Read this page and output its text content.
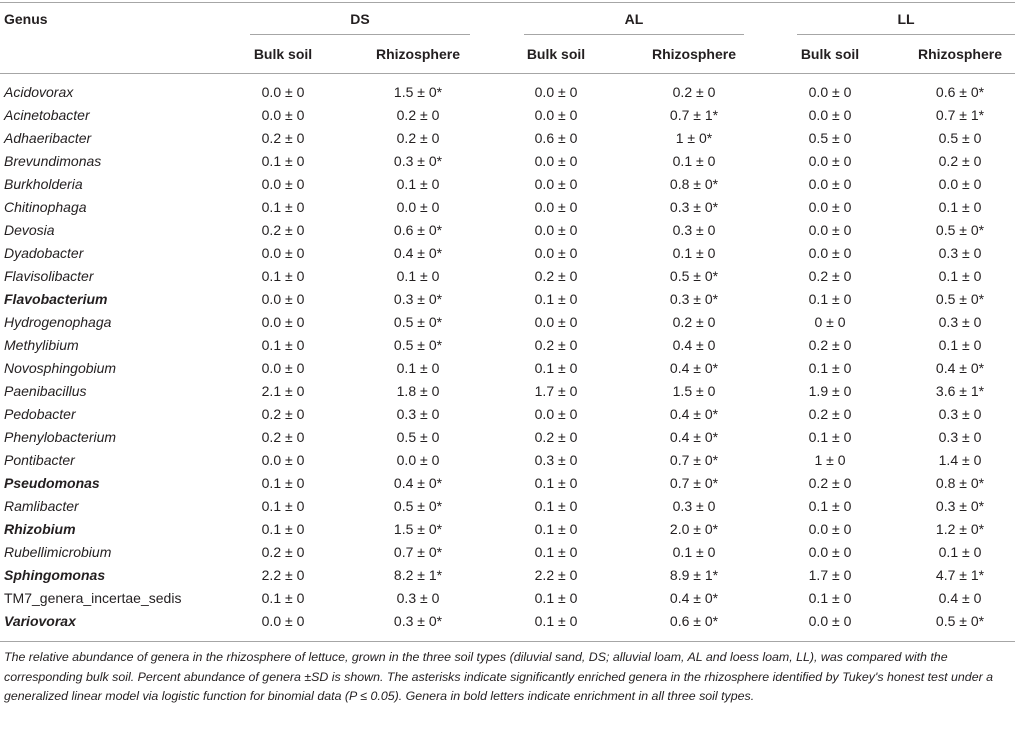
Genus	DS	AL	LL
Bulk soil	Rhizosphere	Bulk soil	Rhizosphere	Bulk soil	Rhizosphere
Acidovorax	0.0 ± 0	1.5 ± 0*	0.0 ± 0	0.2 ± 0	0.0 ± 0	0.6 ± 0*
Acinetobacter	0.0 ± 0	0.2 ± 0	0.0 ± 0	0.7 ± 1*	0.0 ± 0	0.7 ± 1*
Adhaeribacter	0.2 ± 0	0.2 ± 0	0.6 ± 0	1 ± 0*	0.5 ± 0	0.5 ± 0
Brevundimonas	0.1 ± 0	0.3 ± 0*	0.0 ± 0	0.1 ± 0	0.0 ± 0	0.2 ± 0
Burkholderia	0.0 ± 0	0.1 ± 0	0.0 ± 0	0.8 ± 0*	0.0 ± 0	0.0 ± 0
Chitinophaga	0.1 ± 0	0.0 ± 0	0.0 ± 0	0.3 ± 0*	0.0 ± 0	0.1 ± 0
Devosia	0.2 ± 0	0.6 ± 0*	0.0 ± 0	0.3 ± 0	0.0 ± 0	0.5 ± 0*
Dyadobacter	0.0 ± 0	0.4 ± 0*	0.0 ± 0	0.1 ± 0	0.0 ± 0	0.3 ± 0
Flavisolibacter	0.1 ± 0	0.1 ± 0	0.2 ± 0	0.5 ± 0*	0.2 ± 0	0.1 ± 0
Flavobacterium	0.0 ± 0	0.3 ± 0*	0.1 ± 0	0.3 ± 0*	0.1 ± 0	0.5 ± 0*
Hydrogenophaga	0.0 ± 0	0.5 ± 0*	0.0 ± 0	0.2 ± 0	0 ± 0	0.3 ± 0
Methylibium	0.1 ± 0	0.5 ± 0*	0.2 ± 0	0.4 ± 0	0.2 ± 0	0.1 ± 0
Novosphingobium	0.0 ± 0	0.1 ± 0	0.1 ± 0	0.4 ± 0*	0.1 ± 0	0.4 ± 0*
Paenibacillus	2.1 ± 0	1.8 ± 0	1.7 ± 0	1.5 ± 0	1.9 ± 0	3.6 ± 1*
Pedobacter	0.2 ± 0	0.3 ± 0	0.0 ± 0	0.4 ± 0*	0.2 ± 0	0.3 ± 0
Phenylobacterium	0.2 ± 0	0.5 ± 0	0.2 ± 0	0.4 ± 0*	0.1 ± 0	0.3 ± 0
Pontibacter	0.0 ± 0	0.0 ± 0	0.3 ± 0	0.7 ± 0*	1 ± 0	1.4 ± 0
Pseudomonas	0.1 ± 0	0.4 ± 0*	0.1 ± 0	0.7 ± 0*	0.2 ± 0	0.8 ± 0*
Ramlibacter	0.1 ± 0	0.5 ± 0*	0.1 ± 0	0.3 ± 0	0.1 ± 0	0.3 ± 0*
Rhizobium	0.1 ± 0	1.5 ± 0*	0.1 ± 0	2.0 ± 0*	0.0 ± 0	1.2 ± 0*
Rubellimicrobium	0.2 ± 0	0.7 ± 0*	0.1 ± 0	0.1 ± 0	0.0 ± 0	0.1 ± 0
Sphingomonas	2.2 ± 0	8.2 ± 1*	2.2 ± 0	8.9 ± 1*	1.7 ± 0	4.7 ± 1*
TM7_genera_incertae_sedis	0.1 ± 0	0.3 ± 0	0.1 ± 0	0.4 ± 0*	0.1 ± 0	0.4 ± 0
Variovorax	0.0 ± 0	0.3 ± 0*	0.1 ± 0	0.6 ± 0*	0.0 ± 0	0.5 ± 0*
The relative abundance of genera in the rhizosphere of lettuce, grown in the three soil types (diluvial sand, DS; alluvial loam, AL and loess loam, LL), was compared with the corresponding bulk soil. Percent abundance of genera ±SD is shown. The asterisks indicate significantly enriched genera in the rhizosphere identified by Tukey's honest test under a generalized linear model via logistic function for binomial data (P ≤ 0.05). Genera in bold letters indicate enrichment in all three soil types.
